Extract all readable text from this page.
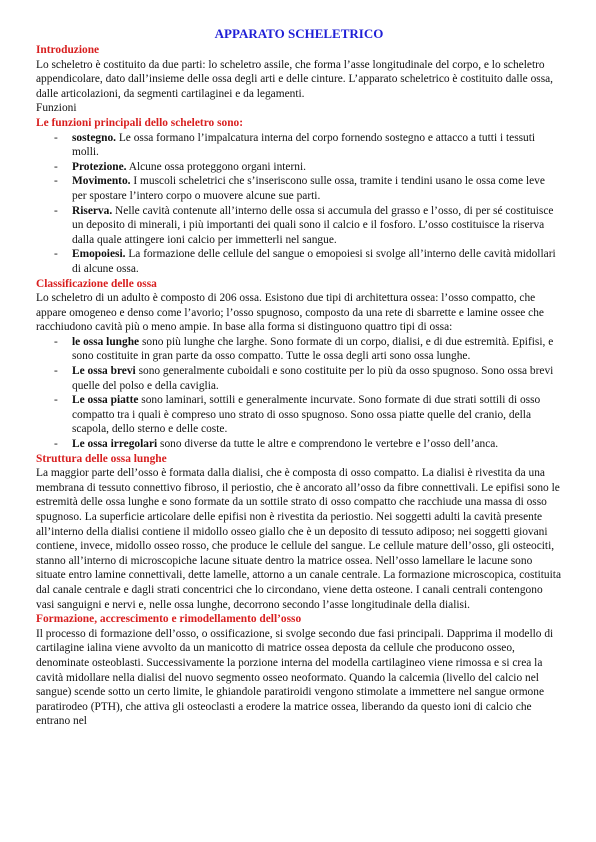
APPARATO SCHELETRICO
Introduzione

Lo scheletro è costituito da due parti: lo scheletro assile, che forma l’asse longitudinale del corpo, e lo scheletro appendicolare, dato dall’insieme delle ossa degli arti e delle cinture. L’apparato scheletrico è costituito dalle ossa, dalle articolazioni, da segmenti cartilaginei e da legamenti.

Funzioni

Le funzioni principali dello scheletro sono:
- sostegno. Le ossa formano l’impalcatura interna del corpo fornendo sostegno e attacco a tutti i tessuti molli.
- Protezione. Alcune ossa proteggono organi interni.
- Movimento. I muscoli scheletrici che s’inseriscono sulle ossa, tramite i tendini usano le ossa come leve per spostare l’intero corpo o muovere alcune sue parti.
- Riserva. Nelle cavità contenute all’interno delle ossa si accumula del grasso e l’osso, di per sé costituisce un deposito di minerali, i più importanti dei quali sono il calcio e il fosforo. L’osso costituisce la riserva dalla quale attingere ioni calcio per immetterli nel sangue.
- Emopoiesi. La formazione delle cellule del sangue o emopoiesi si svolge all’interno delle cavità midollari di alcune ossa.
Classificazione delle ossa

Lo scheletro di un adulto è composto di 206 ossa. Esistono due tipi di architettura ossea: l’osso compatto, che appare omogeneo e denso come l’avorio; l’osso spugnoso, composto da una rete di sbarrette e lamine ossee che racchiudono cavità più o meno ampie. In base alla forma si distinguono quattro tipi di ossa:

- le ossa lunghe sono più lunghe che larghe. Sono formate di un corpo, dialisi, e di due estremità. Epifisi, e sono costituite in gran parte da osso compatto. Tutte le ossa degli arti sono ossa lunghe.
- Le ossa brevi sono generalmente cuboidali e sono costituite per lo più da osso spugnoso. Sono ossa brevi quelle del polso e della caviglia.
- Le ossa piatte sono laminari, sottili e generalmente incurvate. Sono formate di due strati sottili di osso compatto tra i quali è compreso uno strato di osso spugnoso. Sono ossa piatte quelle del cranio, della scapola, dello sterno e delle coste.
- Le ossa irregolari sono diverse da tutte le altre e comprendono le vertebre e l’osso dell’anca.
Struttura delle ossa lunghe

La maggior parte dell’osso è formata dalla dialisi, che è composta di osso compatto. La dialisi è rivestita da una membrana di tessuto connettivo fibroso, il periostio, che è ancorato all’osso da fibre connettivali. Le epifisi sono le estremità delle ossa lunghe e sono formate da un sottile strato di osso compatto che racchiude una massa di osso spugnoso. La superficie articolare delle epifisi non è rivestita da periostio. Nei soggetti adulti la cavità presente all’interno della dialisi contiene il midollo osseo giallo che è un deposito di tessuto adiposo; nei soggetti giovani contiene, invece, midollo osseo rosso, che produce le cellule del sangue. Le cellule mature dell’osso, gli osteociti, stanno all’interno di microscopiche lacune situate dentro la matrice ossea. Nell’osso lamellare le lacune sono situate entro lamine connettivali, dette lamelle, attorno a un canale centrale. La formazione microscopica, costituita dal canale centrale e dagli strati concentrici che lo circondano, viene detta osteone. I canali centrali contengono vasi sanguigni e nervi e, nelle ossa lunghe, decorrono secondo l’asse longitudinale della dialisi.

Formazione, accrescimento e rimodellamento dell’osso

Il processo di formazione dell’osso, o ossificazione, si svolge secondo due fasi principali. Dapprima il modello di cartilagine ialina viene avvolto da un manicotto di matrice ossea deposta da cellule che producono osseo, denominate osteoblasti. Successivamente la porzione interna del modella cartilagineo viene rimossa e si crea la cavità midollare nella dialisi del nuovo segmento osseo neoformato. Quando la calcemia (livello del calcio nel sangue) scende sotto un certo limite, le ghiandole paratiroidi vengono stimolate a immettere nel sangue ormone paratirodeo (PTH), che attiva gli osteoclasti a erodere la matrice ossea, liberando da questo ioni di calcio che entrano nel
